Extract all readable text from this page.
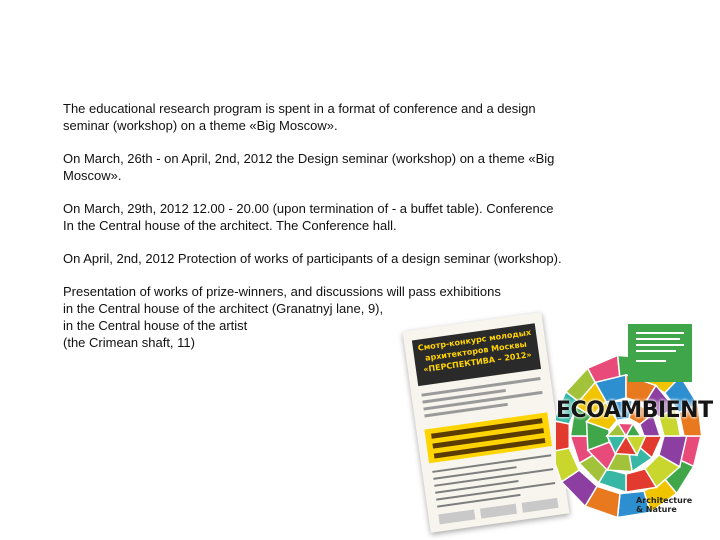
The educational research program is spent in a format of conference and a design
seminar (workshop) on a theme «Big Moscow».

On March, 26th - on April, 2nd, 2012 the Design seminar (workshop) on a theme «Big
Moscow».

On March, 29th, 2012 12.00 - 20.00 (upon termination of - a buffet table). Conference
In the Central house of the architect. The Conference hall.

On April, 2nd, 2012 Protection of works of participants of a design seminar (workshop).

Presentation of works of prize-winners, and discussions will pass exhibitions
in the Central house of the architect (Granatnyj lane, 9),
in the Central house of the artist
(the Crimean shaft, 11)	Смотр-конкурс молодых
архитекторов Москвы
«ПЕРСПЕКТИВА – 2012»
ECOAMBIENT
Architecture
& Nature
